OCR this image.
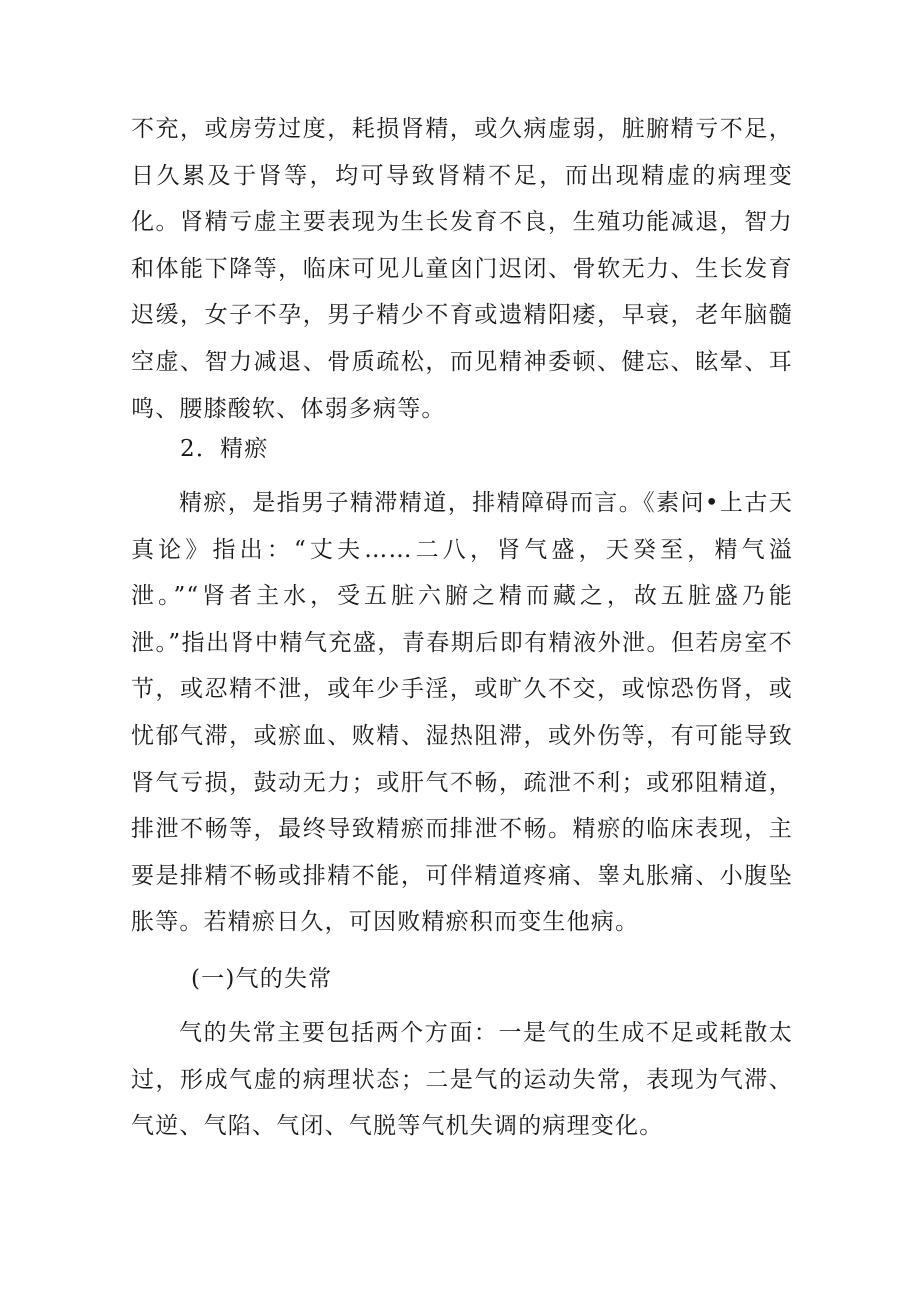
不充，或房劳过度，耗损肾精，或久病虚弱，脏腑精亏不足，日久累及于肾等，均可导致肾精不足，而出现精虚的病理变化。肾精亏虚主要表现为生长发育不良，生殖功能减退，智力和体能下降等，临床可见儿童囟门迟闭、骨软无力、生长发育迟缓，女子不孕，男子精少不育或遗精阳痿，早衰，老年脑髓空虚、智力减退、骨质疏松，而见精神委顿、健忘、眩晕、耳鸣、腰膝酸软、体弱多病等。

2．精瘀

精瘀，是指男子精滞精道，排精障碍而言。《素问•上古天真论》指出：“丈夫……二八，肾气盛，天癸至，精气溢泄。”“肾者主水，受五脏六腑之精而藏之，故五脏盛乃能泄。”指出肾中精气充盛，青春期后即有精液外泄。但若房室不节，或忍精不泄，或年少手淫，或旷久不交，或惊恐伤肾，或忧郁气滞，或瘀血、败精、湿热阻滞，或外伤等，有可能导致肾气亏损，鼓动无力；或肝气不畅，疏泄不利；或邪阻精道，排泄不畅等，最终导致精瘀而排泄不畅。精瘀的临床表现，主要是排精不畅或排精不能，可伴精道疼痛、睾丸胀痛、小腹坠胀等。若精瘀日久，可因败精瘀积而变生他病。

(一)气的失常

气的失常主要包括两个方面：一是气的生成不足或耗散太过，形成气虚的病理状态；二是气的运动失常，表现为气滞、气逆、气陷、气闭、气脱等气机失调的病理变化。
